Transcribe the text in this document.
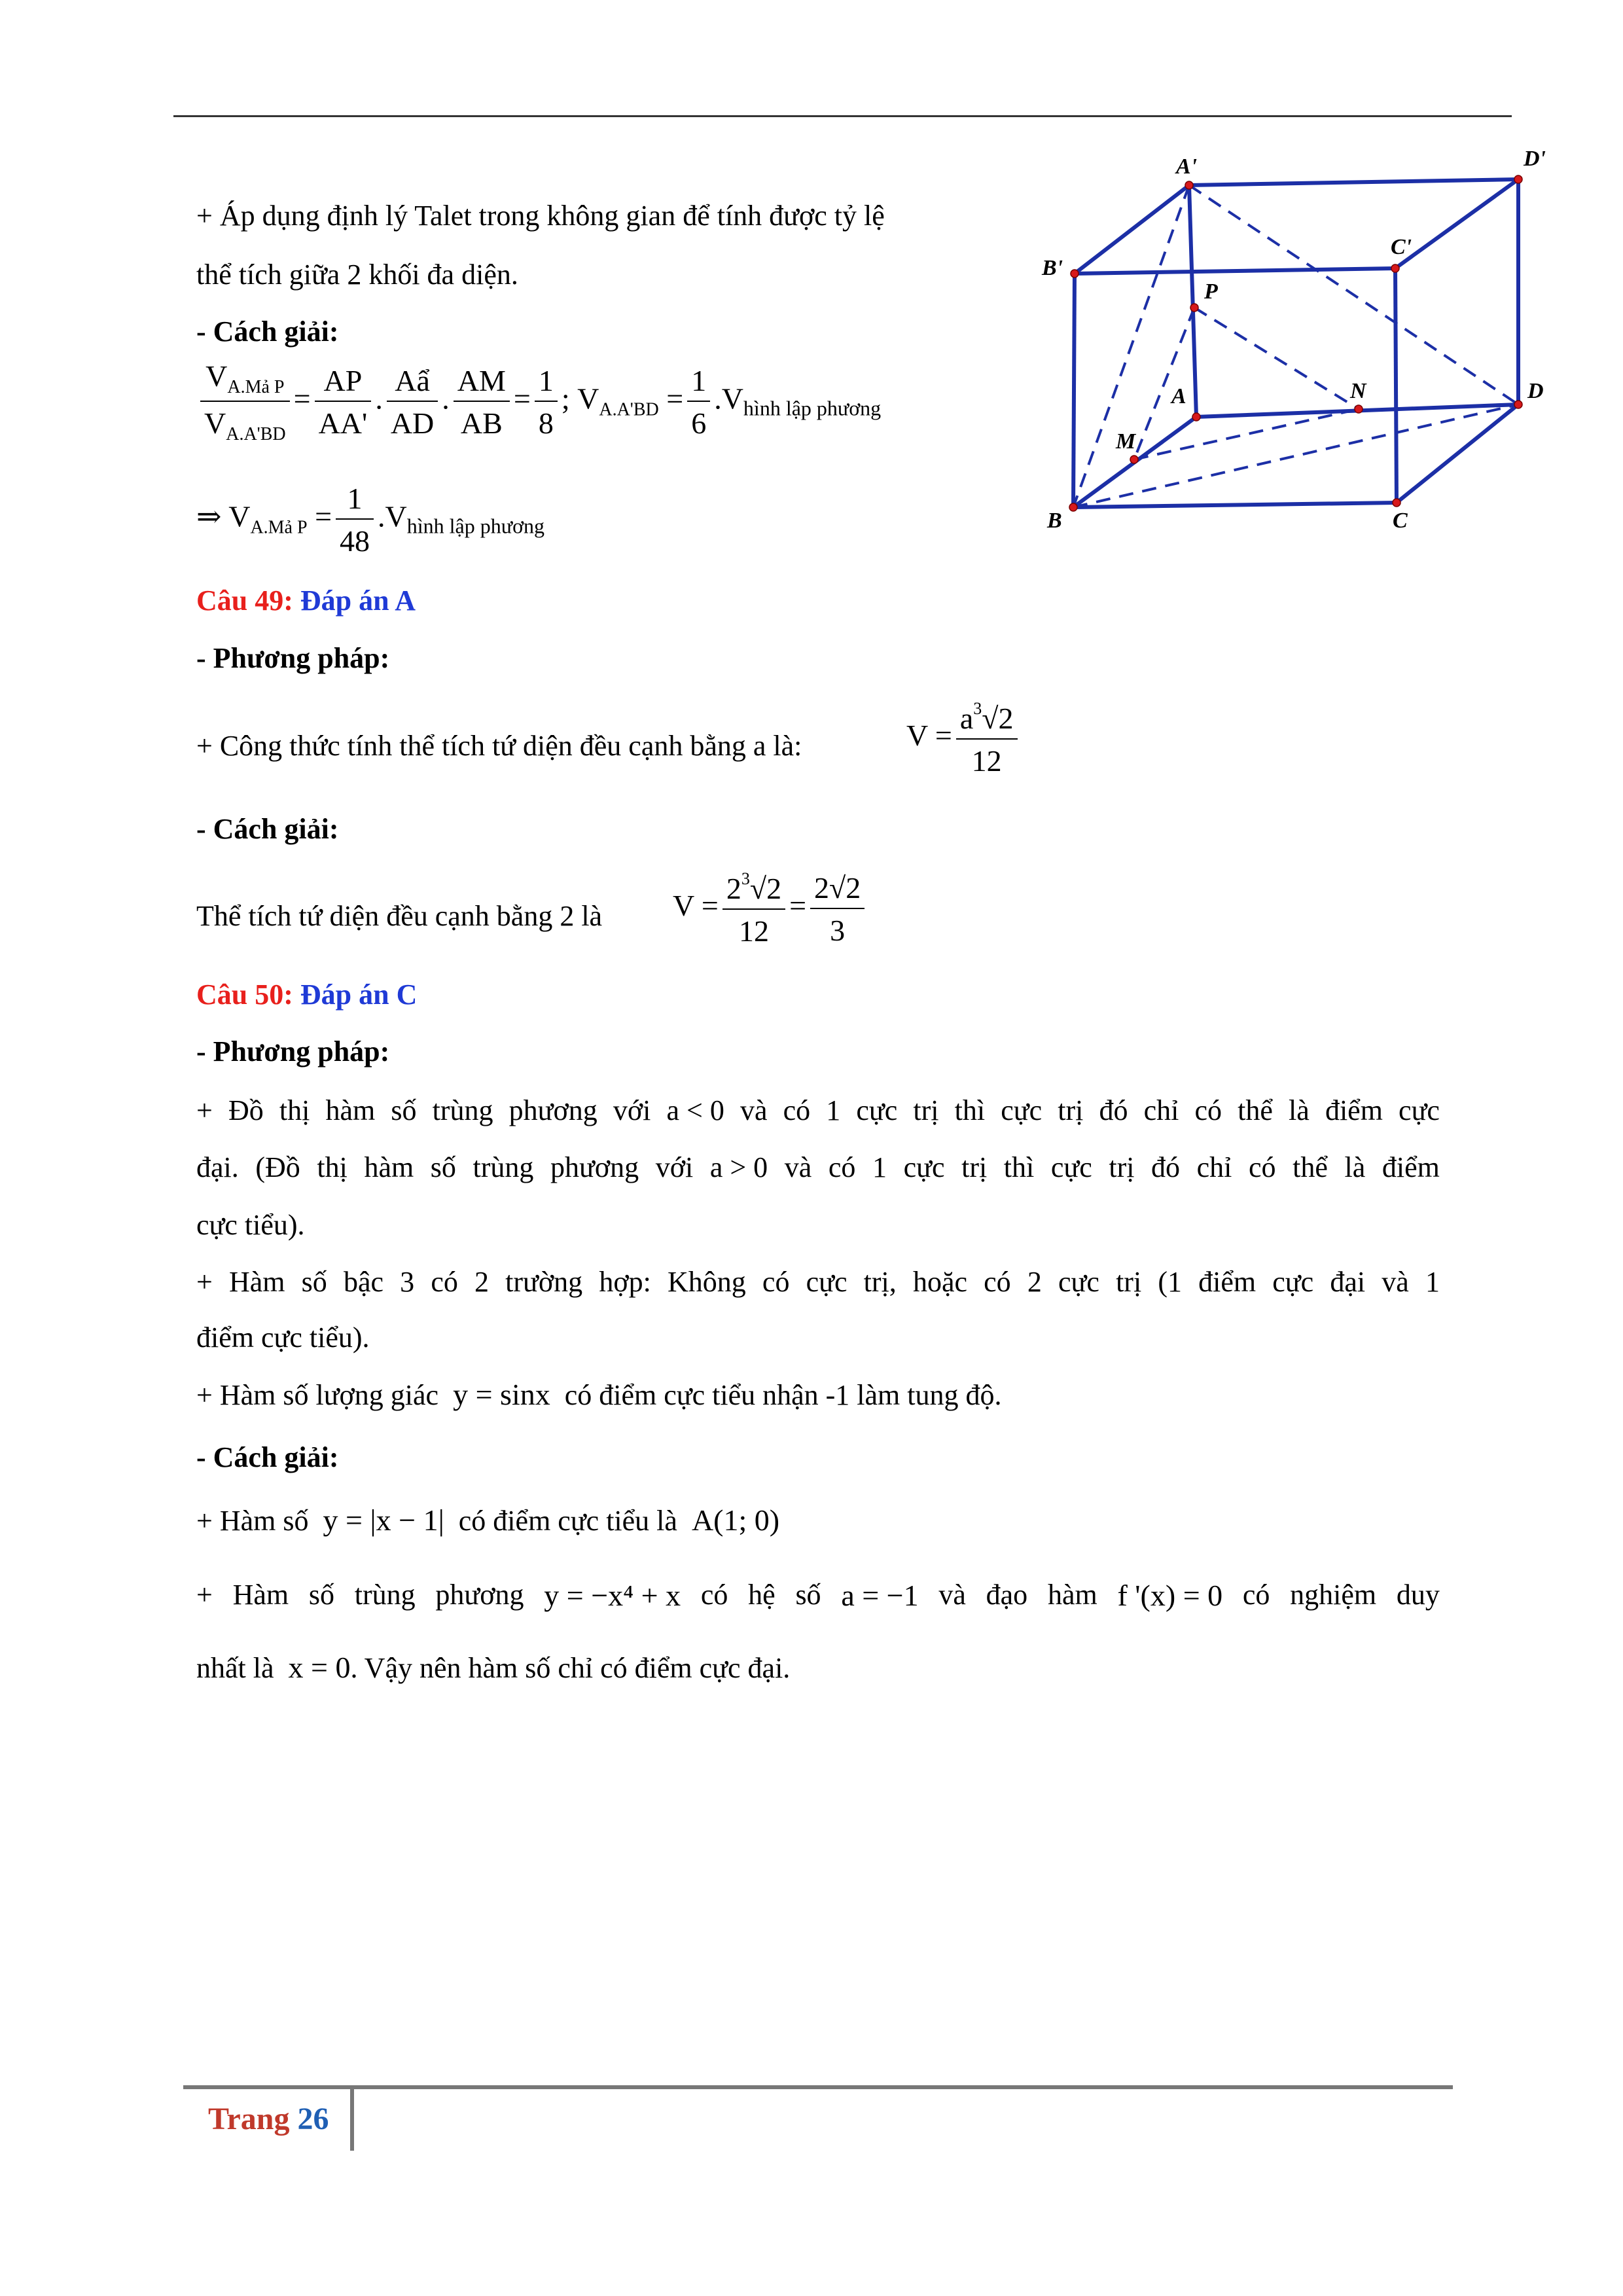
+ Áp dụng định lý Talet trong không gian để tính được tỷ lệ
thể tích giữa 2 khối đa diện.
- Cách giải:
$\frac{V_{A.Mả P}}{V_{A.A'BD}} = \frac{AP}{AA'}$ . $\frac{\text{Aẩ}}{AD}$ . $\frac{AM}{AB} = \frac{1}{8}$ ; $V_{A.A'BD} = \frac{1}{6} .V_{hình lập phương}$
⇒ $V_{A.Mả P} = \frac{1}{48} .V_{hình lập phương}$
A'	D'
B'
C'
P
A	N	D
M
B	C
Câu 49: Đáp án A
- Phương pháp:
+ Công thức tính thể tích tứ diện đều cạnh bằng a là:	$V = \frac{a^3√2}{12}$
- Cách giải:
Thể tích tứ diện đều cạnh bằng 2 là $V = \frac{2^3√2}{12} = \frac{2√2}{3}$
Câu 50: Đáp án C
- Phương pháp:
+ Đồ thị hàm số trùng phương với a < 0 và có 1 cực trị thì cực trị đó chỉ có thể là điểm cực
đại. (Đồ thị hàm số trùng phương với a > 0 và có 1 cực trị thì cực trị đó chỉ có thể là điểm
cực tiểu).
+ Hàm số bậc 3 có 2 trường hợp: Không có cực trị, hoặc có 2 cực trị (1 điểm cực đại và 1
điểm cực tiểu).
+ Hàm số lượng giác y = sinx có điểm cực tiểu nhận -1 làm tung độ.
- Cách giải:
+ Hàm số y = |x − 1| có điểm cực tiểu là A(1; 0)
+ Hàm số trùng phương y = −x⁴ + x có hệ số a = −1 và đạo hàm f '(x) = 0 có nghiệm duy
nhất là x = 0. Vậy nên hàm số chỉ có điểm cực đại.
Trang 26
